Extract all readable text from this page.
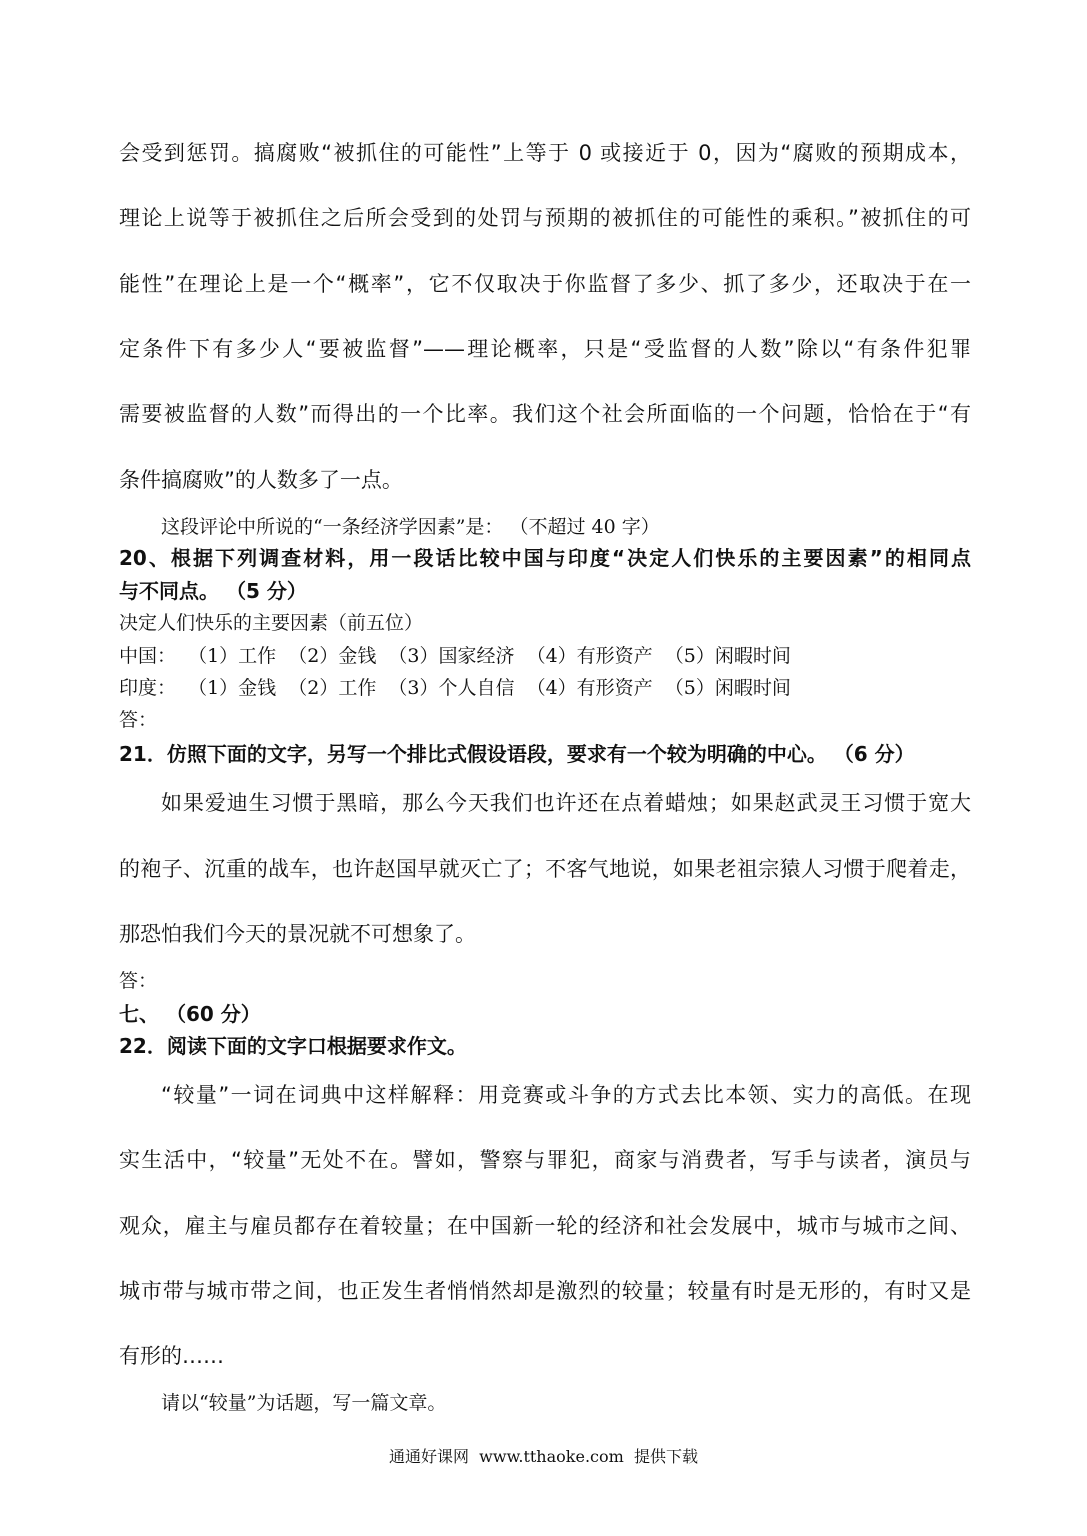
会受到惩罚。搞腐败“被抓住的可能性”上等于 0 或接近于 0，因为“腐败的预期成本，
理论上说等于被抓住之后所会受到的处罚与预期的被抓住的可能性的乘积。”被抓住的可
能性”在理论上是一个“概率”，它不仅取决于你监督了多少、抓了多少，还取决于在一
定条件下有多少人“要被监督”——理论概率，只是“受监督的人数”除以“有条件犯罪
需要被监督的人数”而得出的一个比率。我们这个社会所面临的一个问题，恰恰在于“有
条件搞腐败”的人数多了一点。
这段评论中所说的“一条经济学因素”是： （不超过 40 字）
20、根据下列调查材料，用一段话比较中国与印度“决定人们快乐的主要因素”的相同点
与不同点。 （5 分）
决定人们快乐的主要因素（前五位）
中国：  （1）工作  （2）金钱  （3）国家经济  （4）有形资产  （5）闲暇时间
印度：  （1）金钱  （2）工作  （3）个人自信  （4）有形资产  （5）闲暇时间
答：
21．仿照下面的文字，另写一个排比式假设语段，要求有一个较为明确的中心。 （6 分）
如果爱迪生习惯于黑暗，那么今天我们也许还在点着蜡烛；如果赵武灵王习惯于宽大
的袍子、沉重的战车，也许赵国早就灭亡了；不客气地说，如果老祖宗猿人习惯于爬着走，
那恐怕我们今天的景况就不可想象了。
答：
七、 （60 分）
22．阅读下面的文字口根据要求作文。
“较量”一词在词典中这样解释：用竞赛或斗争的方式去比本领、实力的高低。在现
实生活中，“较量”无处不在。譬如，警察与罪犯，商家与消费者，写手与读者，演员与
观众，雇主与雇员都存在着较量；在中国新一轮的经济和社会发展中，城市与城市之间、
城市带与城市带之间，也正发生者悄悄然却是激烈的较量；较量有时是无形的，有时又是
有形的……
请以“较量”为话题，写一篇文章。
通通好课网  www.tthaoke.com  提供下载
